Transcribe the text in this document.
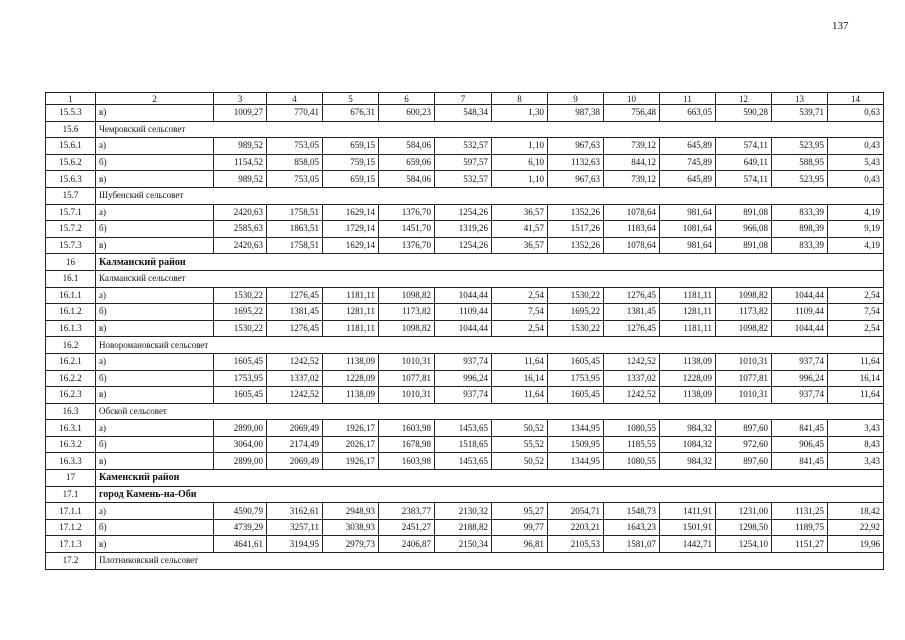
137
1	2	3	4	5	6	7	8	9	10	11	12	13	14
15.5.3	в)	1009,27	770,41	676,31	600,23	548,34	1,30	987,38	756,48	663,05	590,28	539,71	0,63
15.6	Чемровский сельсовет												
15.6.1	а)	989,52	753,05	659,15	584,06	532,57	1,10	967,63	739,12	645,89	574,11	523,95	0,43
15.6.2	б)	1154,52	858,05	759,15	659,06	597,57	6,10	1132,63	844,12	745,89	649,11	588,95	5,43
15.6.3	в)	989,52	753,05	659,15	584,06	532,57	1,10	967,63	739,12	645,89	574,11	523,95	0,43
15.7	Шубенский сельсовет												
15.7.1	а)	2420,63	1758,51	1629,14	1376,70	1254,26	36,57	1352,26	1078,64	981,64	891,08	833,39	4,19
15.7.2	б)	2585,63	1863,51	1729,14	1451,70	1319,26	41,57	1517,26	1183,64	1081,64	966,08	898,39	9,19
15.7.3	в)	2420,63	1758,51	1629,14	1376,70	1254,26	36,57	1352,26	1078,64	981,64	891,08	833,39	4,19
16	Калманский район												
16.1	Калманский сельсовет												
16.1.1	а)	1530,22	1276,45	1181,11	1098,82	1044,44	2,54	1530,22	1276,45	1181,11	1098,82	1044,44	2,54
16.1.2	б)	1695,22	1381,45	1281,11	1173,82	1109,44	7,54	1695,22	1381,45	1281,11	1173,82	1109,44	7,54
16.1.3	в)	1530,22	1276,45	1181,11	1098,82	1044,44	2,54	1530,22	1276,45	1181,11	1098,82	1044,44	2,54
16.2	Новоромановский сельсовет												
16.2.1	а)	1605,45	1242,52	1138,09	1010,31	937,74	11,64	1605,45	1242,52	1138,09	1010,31	937,74	11,64
16.2.2	б)	1753,95	1337,02	1228,09	1077,81	996,24	16,14	1753,95	1337,02	1228,09	1077,81	996,24	16,14
16.2.3	в)	1605,45	1242,52	1138,09	1010,31	937,74	11,64	1605,45	1242,52	1138,09	1010,31	937,74	11,64
16.3	Обской сельсовет												
16.3.1	а)	2899,00	2069,49	1926,17	1603,98	1453,65	50,52	1344,95	1080,55	984,32	897,60	841,45	3,43
16.3.2	б)	3064,00	2174,49	2026,17	1678,98	1518,65	55,52	1509,95	1185,55	1084,32	972,60	906,45	8,43
16.3.3	в)	2899,00	2069,49	1926,17	1603,98	1453,65	50,52	1344,95	1080,55	984,32	897,60	841,45	3,43
17	Каменский район												
17.1	город Камень-на-Оби												
17.1.1	а)	4590,79	3162,61	2948,93	2383,77	2130,32	95,27	2054,71	1548,73	1411,91	1231,00	1131,25	18,42
17.1.2	б)	4739,29	3257,11	3038,93	2451,27	2188,82	99,77	2203,21	1643,23	1501,91	1298,50	1189,75	22,92
17.1.3	в)	4641,61	3194,95	2979,73	2406,87	2150,34	96,81	2105,53	1581,07	1442,71	1254,10	1151,27	19,96
17.2	Плотниковский сельсовет												
